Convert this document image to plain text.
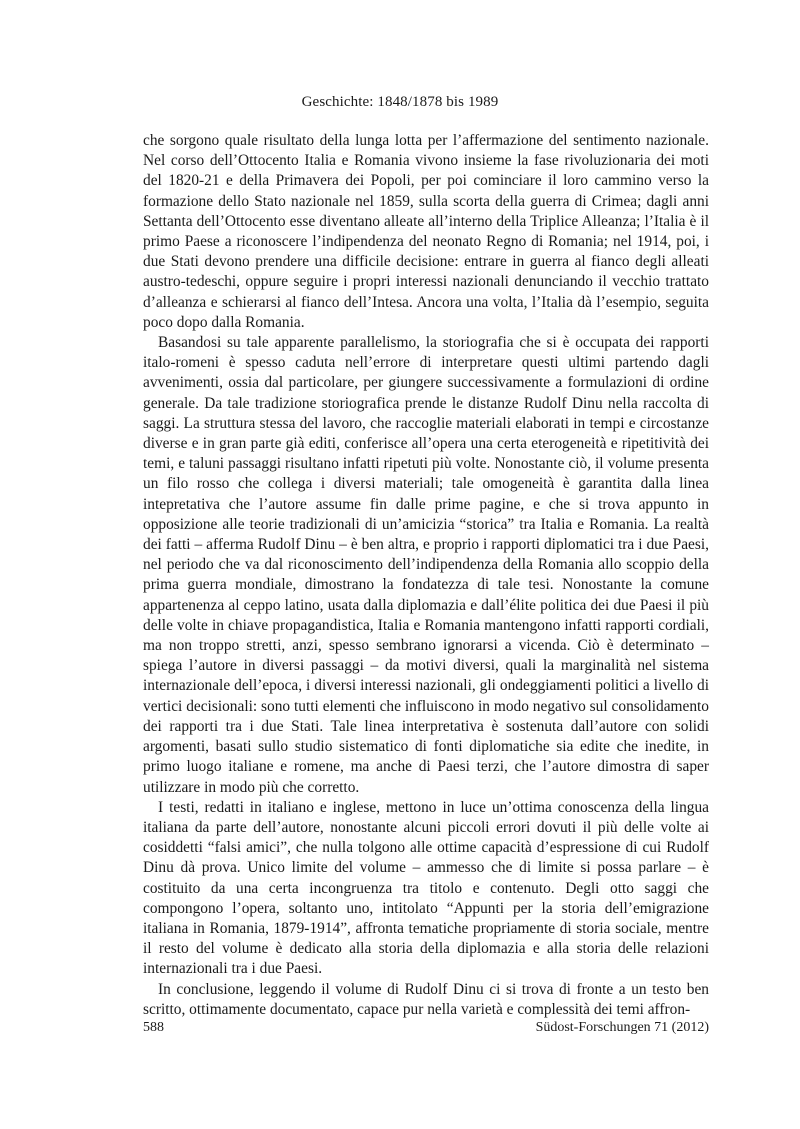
Geschichte: 1848/1878 bis 1989

che sorgono quale risultato della lunga lotta per l’affermazione del sentimento nazionale. Nel corso dell’Ottocento Italia e Romania vivono insieme la fase rivoluzionaria dei moti del 1820-21 e della Primavera dei Popoli, per poi cominciare il loro cammino verso la formazione dello Stato nazionale nel 1859, sulla scorta della guerra di Crimea; dagli anni Settanta dell’Ottocento esse diventano alleate all’interno della Triplice Alleanza; l’Italia è il primo Paese a riconoscere l’indipendenza del neonato Regno di Romania; nel 1914, poi, i due Stati devono prendere una difficile decisione: entrare in guerra al fianco degli alleati austro-tedeschi, oppure seguire i propri interessi nazionali denunciando il vecchio trattato d’alleanza e schierarsi al fianco dell’Intesa. Ancora una volta, l’Italia dà l’esempio, seguita poco dopo dalla Romania.

Basandosi su tale apparente parallelismo, la storiografia che si è occupata dei rapporti italo-romeni è spesso caduta nell’errore di interpretare questi ultimi partendo dagli avvenimenti, ossia dal particolare, per giungere successivamente a formulazioni di ordine generale. Da tale tradizione storiografica prende le distanze Rudolf Dinu nella raccolta di saggi. La struttura stessa del lavoro, che raccoglie materiali elaborati in tempi e circostanze diverse e in gran parte già editi, conferisce all’opera una certa eterogeneità e ripetitività dei temi, e taluni passaggi risultano infatti ripetuti più volte. Nonostante ciò, il volume presenta un filo rosso che collega i diversi materiali; tale omogeneità è garantita dalla linea intepretativa che l’autore assume fin dalle prime pagine, e che si trova appunto in opposizione alle teorie tradizionali di un’amicizia “storica” tra Italia e Romania. La realtà dei fatti – afferma Rudolf Dinu – è ben altra, e proprio i rapporti diplomatici tra i due Paesi, nel periodo che va dal riconoscimento dell’indipendenza della Romania allo scoppio della prima guerra mondiale, dimostrano la fondatezza di tale tesi. Nonostante la comune appartenenza al ceppo latino, usata dalla diplomazia e dall’élite politica dei due Paesi il più delle volte in chiave propagandistica, Italia e Romania mantengono infatti rapporti cordiali, ma non troppo stretti, anzi, spesso sembrano ignorarsi a vicenda. Ciò è determinato – spiega l’autore in diversi passaggi – da motivi diversi, quali la marginalità nel sistema internazionale dell’epoca, i diversi interessi nazionali, gli ondeggiamenti politici a livello di vertici decisionali: sono tutti elementi che influiscono in modo negativo sul consolidamento dei rapporti tra i due Stati. Tale linea interpretativa è sostenuta dall’autore con solidi argomenti, basati sullo studio sistematico di fonti diplomatiche sia edite che inedite, in primo luogo italiane e romene, ma anche di Paesi terzi, che l’autore dimostra di saper utilizzare in modo più che corretto.

I testi, redatti in italiano e inglese, mettono in luce un’ottima conoscenza della lingua italiana da parte dell’autore, nonostante alcuni piccoli errori dovuti il più delle volte ai cosiddetti “falsi amici”, che nulla tolgono alle ottime capacità d’espressione di cui Rudolf Dinu dà prova. Unico limite del volume – ammesso che di limite si possa parlare – è costituito da una certa incongruenza tra titolo e contenuto. Degli otto saggi che compongono l’opera, soltanto uno, intitolato “Appunti per la storia dell’emigrazione italiana in Romania, 1879-1914”, affronta tematiche propriamente di storia sociale, mentre il resto del volume è dedicato alla storia della diplomazia e alla storia delle relazioni internazionali tra i due Paesi.

In conclusione, leggendo il volume di Rudolf Dinu ci si trova di fronte a un testo ben scritto, ottimamente documentato, capace pur nella varietà e complessità dei temi affron-

588	Südost-Forschungen 71 (2012)
